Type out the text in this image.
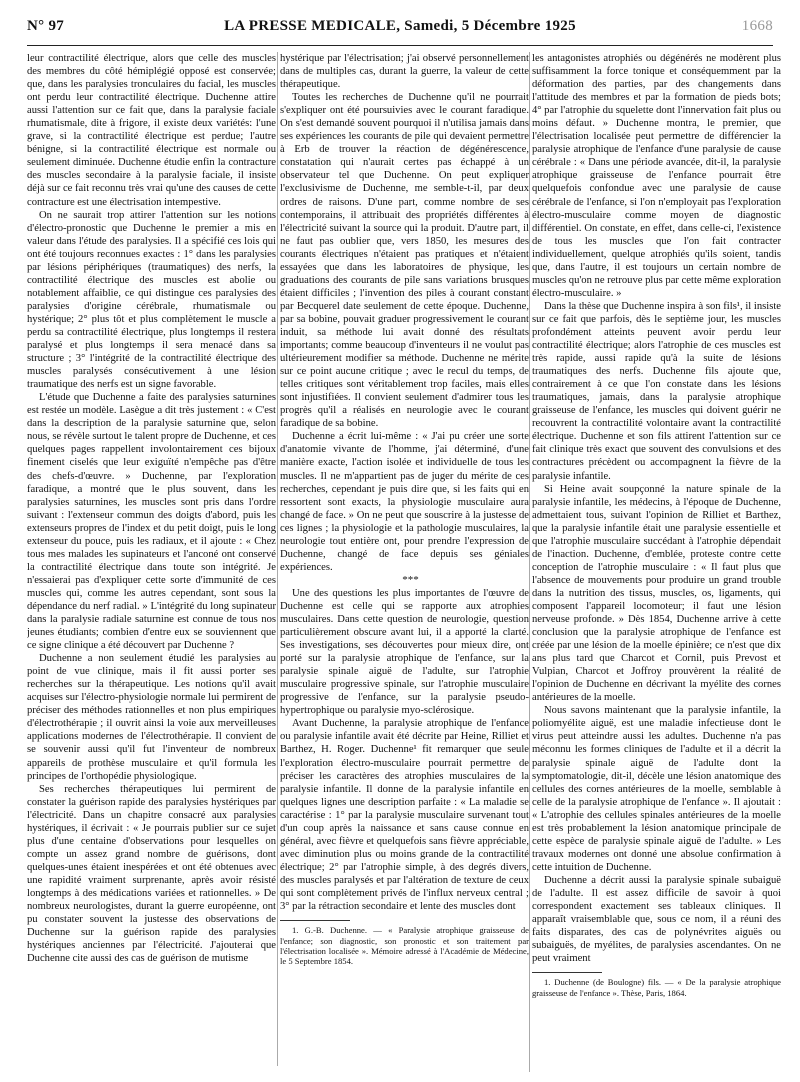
N° 97	LA PRESSE MEDICALE, Samedi, 5 Décembre 1925	1668

leur contractilité électrique, alors que celle des muscles des membres du côté hémiplégié opposé est conservée; que, dans les paralysies tronculaires du facial, les muscles ont perdu leur contractilité électrique. Duchenne attire aussi l'attention sur ce fait que, dans la paralysie faciale rhumatismale, dite à frigore, il existe deux variétés: l'une grave, si la contractilité électrique est perdue; l'autre bénigne, si la contractilité électrique est normale ou seulement diminuée. Duchenne étudie enfin la contracture des muscles secondaire à la paralysie faciale, il insiste déjà sur ce fait reconnu très vrai qu'une des causes de cette contracture est une électrisation intempestive.

On ne saurait trop attirer l'attention sur les notions d'électro-pronostic que Duchenne le premier a mis en valeur dans l'étude des paralysies. Il a spécifié ces lois qui ont été toujours reconnues exactes : 1° dans les paralysies par lésions périphériques (traumatiques) des nerfs, la contractilité électrique des muscles est abolie ou notablement affaiblie, ce qui distingue ces paralysies des paralysies d'origine cérébrale, rhumatismale ou hystérique; 2° plus tôt et plus complètement le muscle a perdu sa contractilité électrique, plus longtemps il restera paralysé et plus longtemps il sera menacé dans sa structure ; 3° l'intégrité de la contractilité électrique des muscles paralysés consécutivement à une lésion traumatique des nerfs est un signe favorable.

L'étude que Duchenne a faite des paralysies saturnines est restée un modèle. Lasègue a dit très justement : « C'est dans la description de la paralysie saturnine que, selon nous, se révèle surtout le talent propre de Duchenne, et ces quelques pages rappellent involontairement ces bijoux finement ciselés que leur exiguïté n'empêche pas d'être des chefs-d'œuvre. » Duchenne, par l'exploration faradique, a montré que le plus souvent, dans les paralysies saturnines, les muscles sont pris dans l'ordre suivant : l'extenseur commun des doigts d'abord, puis les extenseurs propres de l'index et du petit doigt, puis le long extenseur du pouce, puis les radiaux, et il ajoute : « Chez tous mes malades les supinateurs et l'anconé ont conservé la contractilité électrique dans toute son intégrité. Je n'essaierai pas d'expliquer cette sorte d'immunité de ces muscles qui, comme les autres cependant, sont sous la dépendance du nerf radial. » L'intégrité du long supinateur dans la paralysie radiale saturnine est connue de tous nos jeunes étudiants; combien d'entre eux se souviennent que ce signe clinique a été découvert par Duchenne ?

Duchenne a non seulement étudié les paralysies au point de vue clinique, mais il fit aussi porter ses recherches sur la thérapeutique. Les notions qu'il avait acquises sur l'électro-physiologie normale lui permirent de préciser des méthodes rationnelles et non plus empiriques d'électrothérapie ; il ouvrit ainsi la voie aux merveilleuses applications modernes de l'électrothérapie. Il convient de se souvenir aussi qu'il fut l'inventeur de nombreux appareils de prothèse musculaire et qu'il formula les principes de l'orthopédie physiologique.

Ses recherches thérapeutiques lui permirent de constater la guérison rapide des paralysies hystériques par l'électricité. Dans un chapitre consacré aux paralysies hystériques, il écrivait : « Je pourrais publier sur ce sujet plus d'une centaine d'observations pour lesquelles on compte un assez grand nombre de guérisons, dont quelques-unes étaient inespérées et ont été obtenues avec une rapidité vraiment surprenante, après avoir résisté longtemps à des médications variées et rationnelles. » De nombreux neurologistes, durant la guerre européenne, ont pu constater souvent la justesse des observations de Duchenne sur la guérison rapide des paralysies hystériques anciennes par l'électricité. J'ajouterai que Duchenne cite aussi des cas de guérison de mutisme

hystérique par l'électrisation; j'ai observé personnellement dans de multiples cas, durant la guerre, la valeur de cette thérapeutique.

Toutes les recherches de Duchenne qu'il ne pourrait s'expliquer ont été poursuivies avec le courant faradique. On s'est demandé souvent pourquoi il n'utilisa jamais dans ses expériences les courants de pile qui devaient permettre à Erb de trouver la réaction de dégénérescence, constatation qui n'aurait certes pas échappé à un observateur tel que Duchenne. On peut expliquer l'exclusivisme de Duchenne, me semble-t-il, par deux ordres de raisons. D'une part, comme nombre de ses contemporains, il attribuait des propriétés différentes à l'électricité suivant la source qui la produit. D'autre part, il ne faut pas oublier que, vers 1850, les mesures des courants électriques n'étaient pas pratiques et n'étaient essayées que dans les laboratoires de physique, les graduations des courants de pile sans variations brusques étaient difficiles ; l'invention des piles à courant constant par Becquerel date seulement de cette époque. Duchenne, par sa bobine, pouvait graduer progressivement le courant induit, sa méthode lui avait donné des résultats importants; comme beaucoup d'inventeurs il ne voulut pas ultérieurement modifier sa méthode. Duchenne ne mérite sur ce point aucune critique ; avec le recul du temps, de telles critiques sont véritablement trop faciles, mais elles sont injustifiées. Il convient seulement d'admirer tous les progrès qu'il a réalisés en neurologie avec le courant faradique de sa bobine.

Duchenne a écrit lui-même : « J'ai pu créer une sorte d'anatomie vivante de l'homme, j'ai déterminé, d'une manière exacte, l'action isolée et individuelle de tous les muscles. Il ne m'appartient pas de juger du mérite de ces recherches, cependant je puis dire que, si les faits qui en ressortent sont exacts, la physiologie musculaire aura changé de face. » On ne peut que souscrire à la justesse de ces lignes ; la physiologie et la pathologie musculaires, la neurologie tout entière ont, pour prendre l'expression de Duchenne, changé de face depuis ses géniales expériences.

***

Une des questions les plus importantes de l'œuvre de Duchenne est celle qui se rapporte aux atrophies musculaires. Dans cette question de neurologie, question particulièrement obscure avant lui, il a apporté la clarté. Ses investigations, ses découvertes pour mieux dire, ont porté sur la paralysie atrophique de l'enfance, sur la paralysie spinale aiguë de l'adulte, sur l'atrophie musculaire progressive spinale, sur l'atrophie musculaire progressive de l'enfance, sur la paralysie pseudo-hypertrophique ou paralysie myo-sclérosique.

Avant Duchenne, la paralysie atrophique de l'enfance ou paralysie infantile avait été décrite par Heine, Rilliet et Barthez, H. Roger. Duchenne¹ fit remarquer que seule l'exploration électro-musculaire pourrait permettre de préciser les caractères des atrophies musculaires de la paralysie infantile. Il donne de la paralysie infantile en quelques lignes une description parfaite : « La maladie se caractérise : 1° par la paralysie musculaire survenant tout d'un coup après la naissance et sans cause connue en général, avec fièvre et quelquefois sans fièvre appréciable, avec diminution plus ou moins grande de la contractilité électrique; 2° par l'atrophie simple, à des degrés divers, des muscles paralysés et par l'altération de texture de ceux qui sont complètement privés de l'influx nerveux central ; 3° par la rétraction secondaire et lente des muscles dont

1. G.-B. Duchenne. — « Paralysie atrophique graisseuse de l'enfance; son diagnostic, son pronostic et son traitement par l'électrisation localisée ». Mémoire adressé à l'Académie de Médecine, le 5 Septembre 1854.

les antagonistes atrophiés ou dégénérés ne modèrent plus suffisamment la force tonique et conséquemment par la déformation des parties, par des changements dans l'attitude des membres et par la formation de pieds bots; 4° par l'atrophie du squelette dont l'innervation fait plus ou moins défaut. » Duchenne montra, le premier, que l'électrisation localisée peut permettre de différencier la paralysie atrophique de l'enfance d'une paralysie de cause cérébrale : « Dans une période avancée, dit-il, la paralysie atrophique graisseuse de l'enfance pourrait être quelquefois confondue avec une paralysie de cause cérébrale de l'enfance, si l'on n'employait pas l'exploration électro-musculaire comme moyen de diagnostic différentiel. On constate, en effet, dans celle-ci, l'existence de tous les muscles que l'on fait contracter individuellement, quelque atrophiés qu'ils soient, tandis que, dans l'autre, il est toujours un certain nombre de muscles qu'on ne retrouve plus par cette même exploration électro-musculaire. »

Dans la thèse que Duchenne inspira à son fils¹, il insiste sur ce fait que parfois, dès le septième jour, les muscles profondément atteints peuvent avoir perdu leur contractilité électrique; alors l'atrophie de ces muscles est très rapide, aussi rapide qu'à la suite de lésions traumatiques des nerfs. Duchenne fils ajoute que, contrairement à ce que l'on constate dans les lésions traumatiques, jamais, dans la paralysie atrophique graisseuse de l'enfance, les muscles qui doivent guérir ne recouvrent la contractilité volontaire avant la contractilité électrique. Duchenne et son fils attirent l'attention sur ce fait clinique très exact que souvent des convulsions et des contractures précèdent ou accompagnent la fièvre de la paralysie infantile.

Si Heine avait soupçonné la nature spinale de la paralysie infantile, les médecins, à l'époque de Duchenne, admettaient tous, suivant l'opinion de Rilliet et Barthez, que la paralysie infantile était une paralysie essentielle et que l'atrophie musculaire succédant à l'atrophie dépendait de l'inaction. Duchenne, d'emblée, proteste contre cette conception de l'atrophie musculaire : « Il faut plus que l'absence de mouvements pour produire un grand trouble dans la nutrition des tissus, muscles, os, ligaments, qui composent l'appareil locomoteur; il faut une lésion nerveuse profonde. » Dès 1854, Duchenne arrive à cette conclusion que la paralysie atrophique de l'enfance est créée par une lésion de la moelle épinière; ce n'est que dix ans plus tard que Charcot et Cornil, puis Prevost et Vulpian, Charcot et Joffroy prouvèrent la réalité de l'opinion de Duchenne en décrivant la myélite des cornes antérieures de la moelle.

Nous savons maintenant que la paralysie infantile, la poliomyélite aiguë, est une maladie infectieuse dont le virus peut atteindre aussi les adultes. Duchenne n'a pas méconnu les formes cliniques de l'adulte et il a décrit la paralysie spinale aiguë de l'adulte dont la symptomatologie, dit-il, décèle une lésion anatomique des cellules des cornes antérieures de la moelle, semblable à celle de la paralysie atrophique de l'enfance ». Il ajoutait : « L'atrophie des cellules spinales antérieures de la moelle est très probablement la lésion anatomique principale de cette espèce de paralysie spinale aiguë de l'adulte. » Les travaux modernes ont donné une absolue confirmation à cette intuition de Duchenne.

Duchenne a décrit aussi la paralysie spinale subaiguë de l'adulte. Il est assez difficile de savoir à quoi correspondent exactement ses tableaux cliniques. Il apparaît vraisemblable que, sous ce nom, il a réuni des faits disparates, des cas de polynévrites aiguës ou subaiguës, de myélites, de paralysies ascendantes. On ne peut vraiment

1. Duchenne (de Boulogne) fils. — « De la paralysie atrophique graisseuse de l'enfance ». Thèse, Paris, 1864.
